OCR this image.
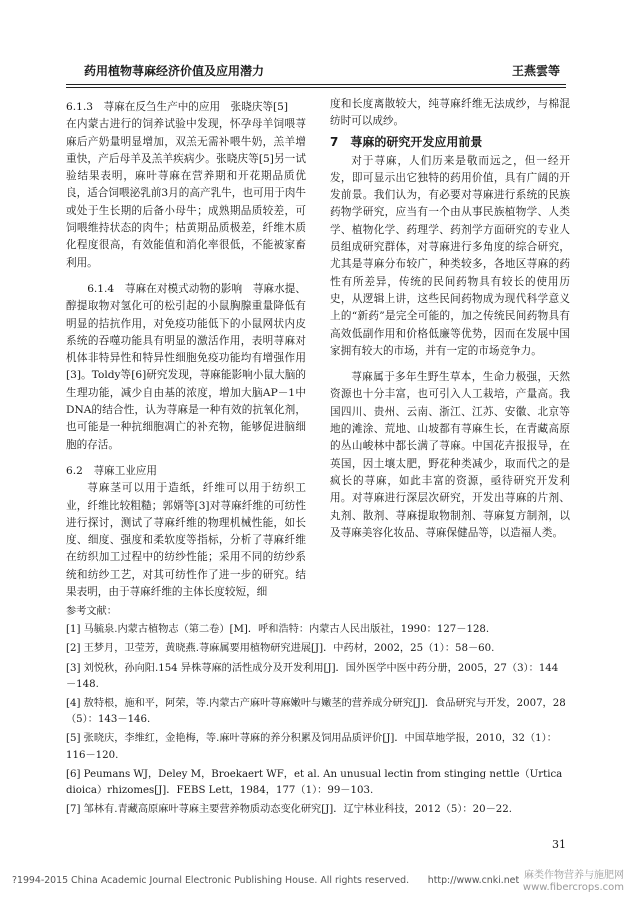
药用植物荨麻经济价值及应用潜力	王燕雲等

6.1.3　荨麻在反刍生产中的应用　张晓庆等[5]

在内蒙古进行的饲养试验中发现，怀孕母羊饲喂荨麻后产奶量明显增加，双羔无需补喂牛奶，羔羊增重快，产后母羊及羔羊疾病少。张晓庆等[5]另一试验结果表明，麻叶荨麻在营养期和开花期品质优良，适合饲喂泌乳前3月的高产乳牛，也可用于肉牛或处于生长期的后备小母牛；成熟期品质较差，可饲喂维持状态的肉牛；枯黄期品质极差，纤维木质化程度很高，有效能值和消化率很低，不能被家畜利用。

6.1.4　荨麻在对模式动物的影响　荨麻水提、醇提取物对氢化可的松引起的小鼠胸腺重量降低有明显的拮抗作用，对免疫功能低下的小鼠网状内皮系统的吞噬功能具有明显的激活作用，表明荨麻对机体非特异性和特异性细胞免疫功能均有增强作用[3]。Toldy等[6]研究发现，荨麻能影响小鼠大脑的生理功能，减少自由基的浓度，增加大脑AP－1中DNA的结合性，认为荨麻是一种有效的抗氧化剂，也可能是一种抗细胞凋亡的补充物，能够促进脑细胞的存活。

6.2　荨麻工业应用

荨麻茎可以用于造纸，纤维可以用于纺织工业，纤维比较粗糙；郭婿等[3]对荨麻纤维的可纺性进行探讨，测试了荨麻纤维的物理机械性能，如长度、细度、强度和柔软度等指标，分析了荨麻纤维在纺织加工过程中的纺纱性能；采用不同的纺纱系统和纺纱工艺，对其可纺性作了进一步的研究。结果表明，由于荨麻纤维的主体长度较短，细

度和长度离散较大，纯荨麻纤维无法成纱，与棉混纺时可以成纱。

7　荨麻的研究开发应用前景

对于荨麻，人们历来是敬而远之，但一经开发，即可显示出它独特的药用价值，具有广阔的开发前景。我们认为，有必要对荨麻进行系统的民族药物学研究，应当有一个由从事民族植物学、人类学、植物化学、药理学、药剂学方面研究的专业人员组成研究群体，对荨麻进行多角度的综合研究，尤其是荨麻分布较广，种类较多，各地区荨麻的药性有所差异，传统的民间药物具有较长的使用历史，从逻辑上讲，这些民间药物成为现代科学意义上的“新药”是完全可能的，加之传统民间药物具有高效低副作用和价格低廉等优势，因而在发展中国家拥有较大的市场，并有一定的市场竞争力。

荨麻属于多年生野生草本，生命力极强，天然资源也十分丰富，也可引入人工栽培，产量高。我国四川、贵州、云南、浙江、江苏、安徽、北京等地的滩涂、荒地、山坡都有荨麻生长，在青藏高原的丛山峻林中都长满了荨麻。中国花卉报报导，在英国，因土壤太肥，野花种类减少，取而代之的是疯长的荨麻，如此丰富的资源，亟待研究开发利用。对荨麻进行深层次研究，开发出荨麻的片剂、丸剂、散剂、荨麻提取物制剂、荨麻复方制剂，以及荨麻美容化妆品、荨麻保健品等，以造福人类。

参考文献：

[1] 马毓泉.内蒙古植物志（第二卷）[M]．呼和浩特：内蒙古人民出版社，1990：127－128.

[2] 王梦月，卫莹芳，黄晓燕.荨麻属要用植物研究进展[J]．中药材，2002，25（1）：58－60.

[3] 刘悦秋，孙向阳.154 异株荨麻的活性成分及开发利用[J]．国外医学中医中药分册，2005，27（3）：144－148.

[4] 敖特根，施和平，阿荣，等.内蒙古产麻叶荨麻嫩叶与嫩茎的营养成分研究[J]．食品研究与开发，2007，28（5）：143－146.

[5] 张晓庆，李维红，金艳梅，等.麻叶荨麻的养分积累及饲用品质评价[J]．中国草地学报，2010，32（1）：116－120.

[6] Peumans WJ，Deley M，Broekaert WF，et al. An unusual lectin from stinging nettle（Urtica dioica）rhizomes[J]．FEBS Lett，1984，177（1）：99－103.

[7] 邹林有.青藏高原麻叶荨麻主要营养物质动态变化研究[J]．辽宁林业科技，2012（5）：20－22.

31
?1994-2015 China Academic Journal Electronic Publishing House. All rights reserved.　　http://www.cnki.net 麻类作物营养与施肥网
www.fibercrops.com
